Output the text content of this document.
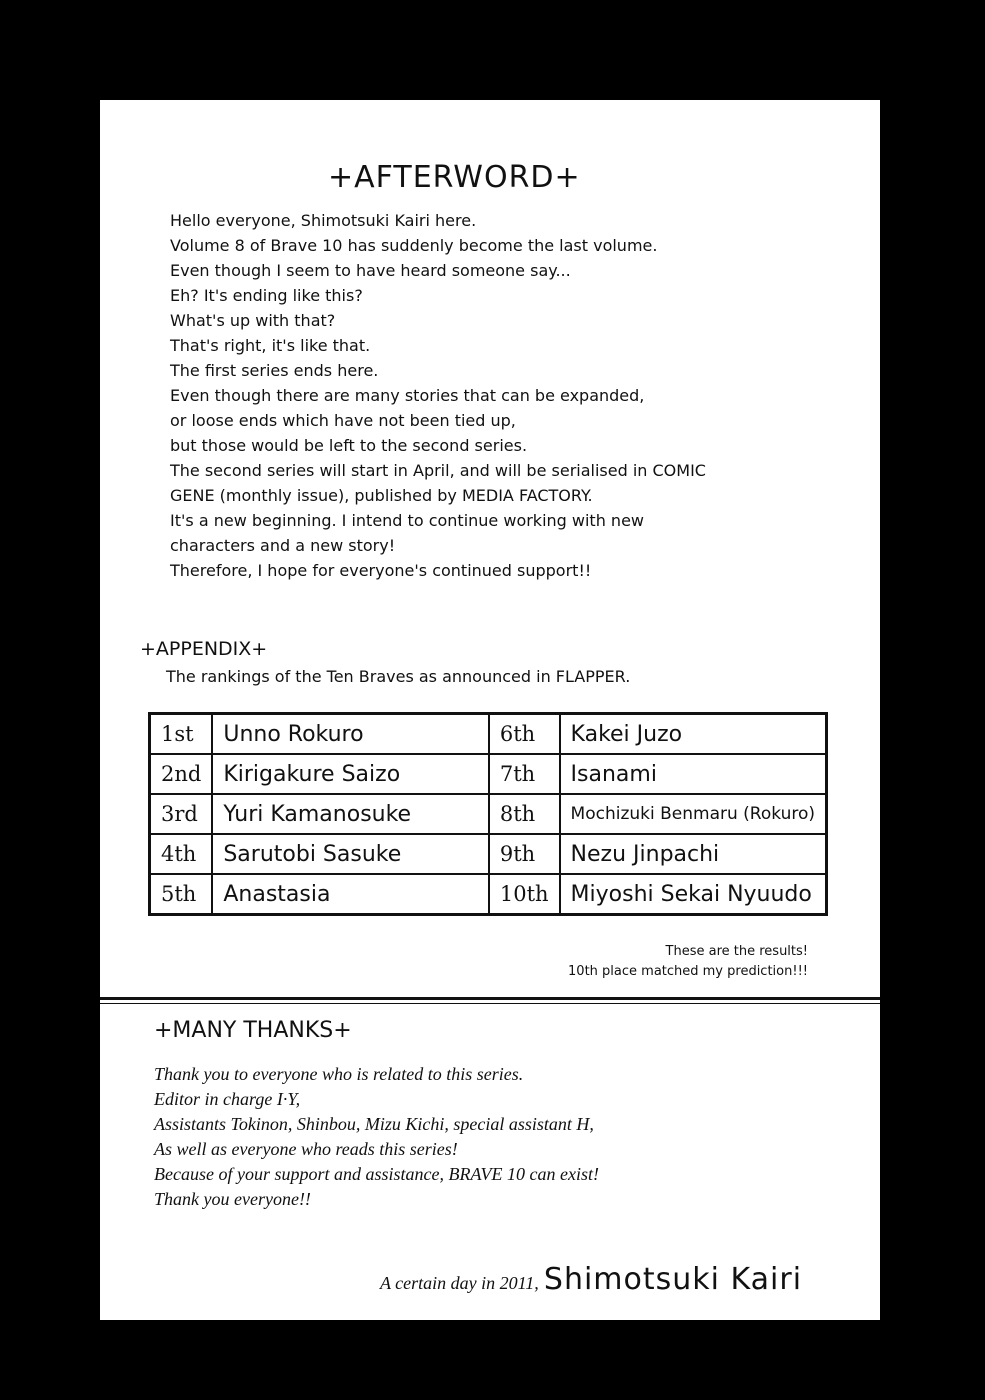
+AFTERWORD+
Hello everyone, Shimotsuki Kairi here.
Volume 8 of Brave 10 has suddenly become the last volume.
Even though I seem to have heard someone say...
Eh? It's ending like this?
What's up with that?
That's right, it's like that.
The first series ends here.
Even though there are many stories that can be expanded,
or loose ends which have not been tied up,
but those would be left to the second series.
The second series will start in April, and will be serialised in COMIC
GENE (monthly issue), published by MEDIA FACTORY.
It's a new beginning. I intend to continue working with new
characters and a new story!
Therefore, I hope for everyone's continued support!!
+APPENDIX+
The rankings of the Ten Braves as announced in FLAPPER.
1st	Unno Rokuro	6th	Kakei Juzo
2nd	Kirigakure Saizo	7th	Isanami
3rd	Yuri Kamanosuke	8th	Mochizuki Benmaru (Rokuro)
4th	Sarutobi Sasuke	9th	Nezu Jinpachi
5th	Anastasia	10th	Miyoshi Sekai Nyuudo
These are the results!
10th place matched my prediction!!!
+MANY THANKS+
Thank you to everyone who is related to this series.
Editor in charge I·Y,
Assistants Tokinon, Shinbou, Mizu Kichi, special assistant H,
As well as everyone who reads this series!
Because of your support and assistance, BRAVE 10 can exist!
Thank you everyone!!
A certain day in 2011, Shimotsuki Kairi
